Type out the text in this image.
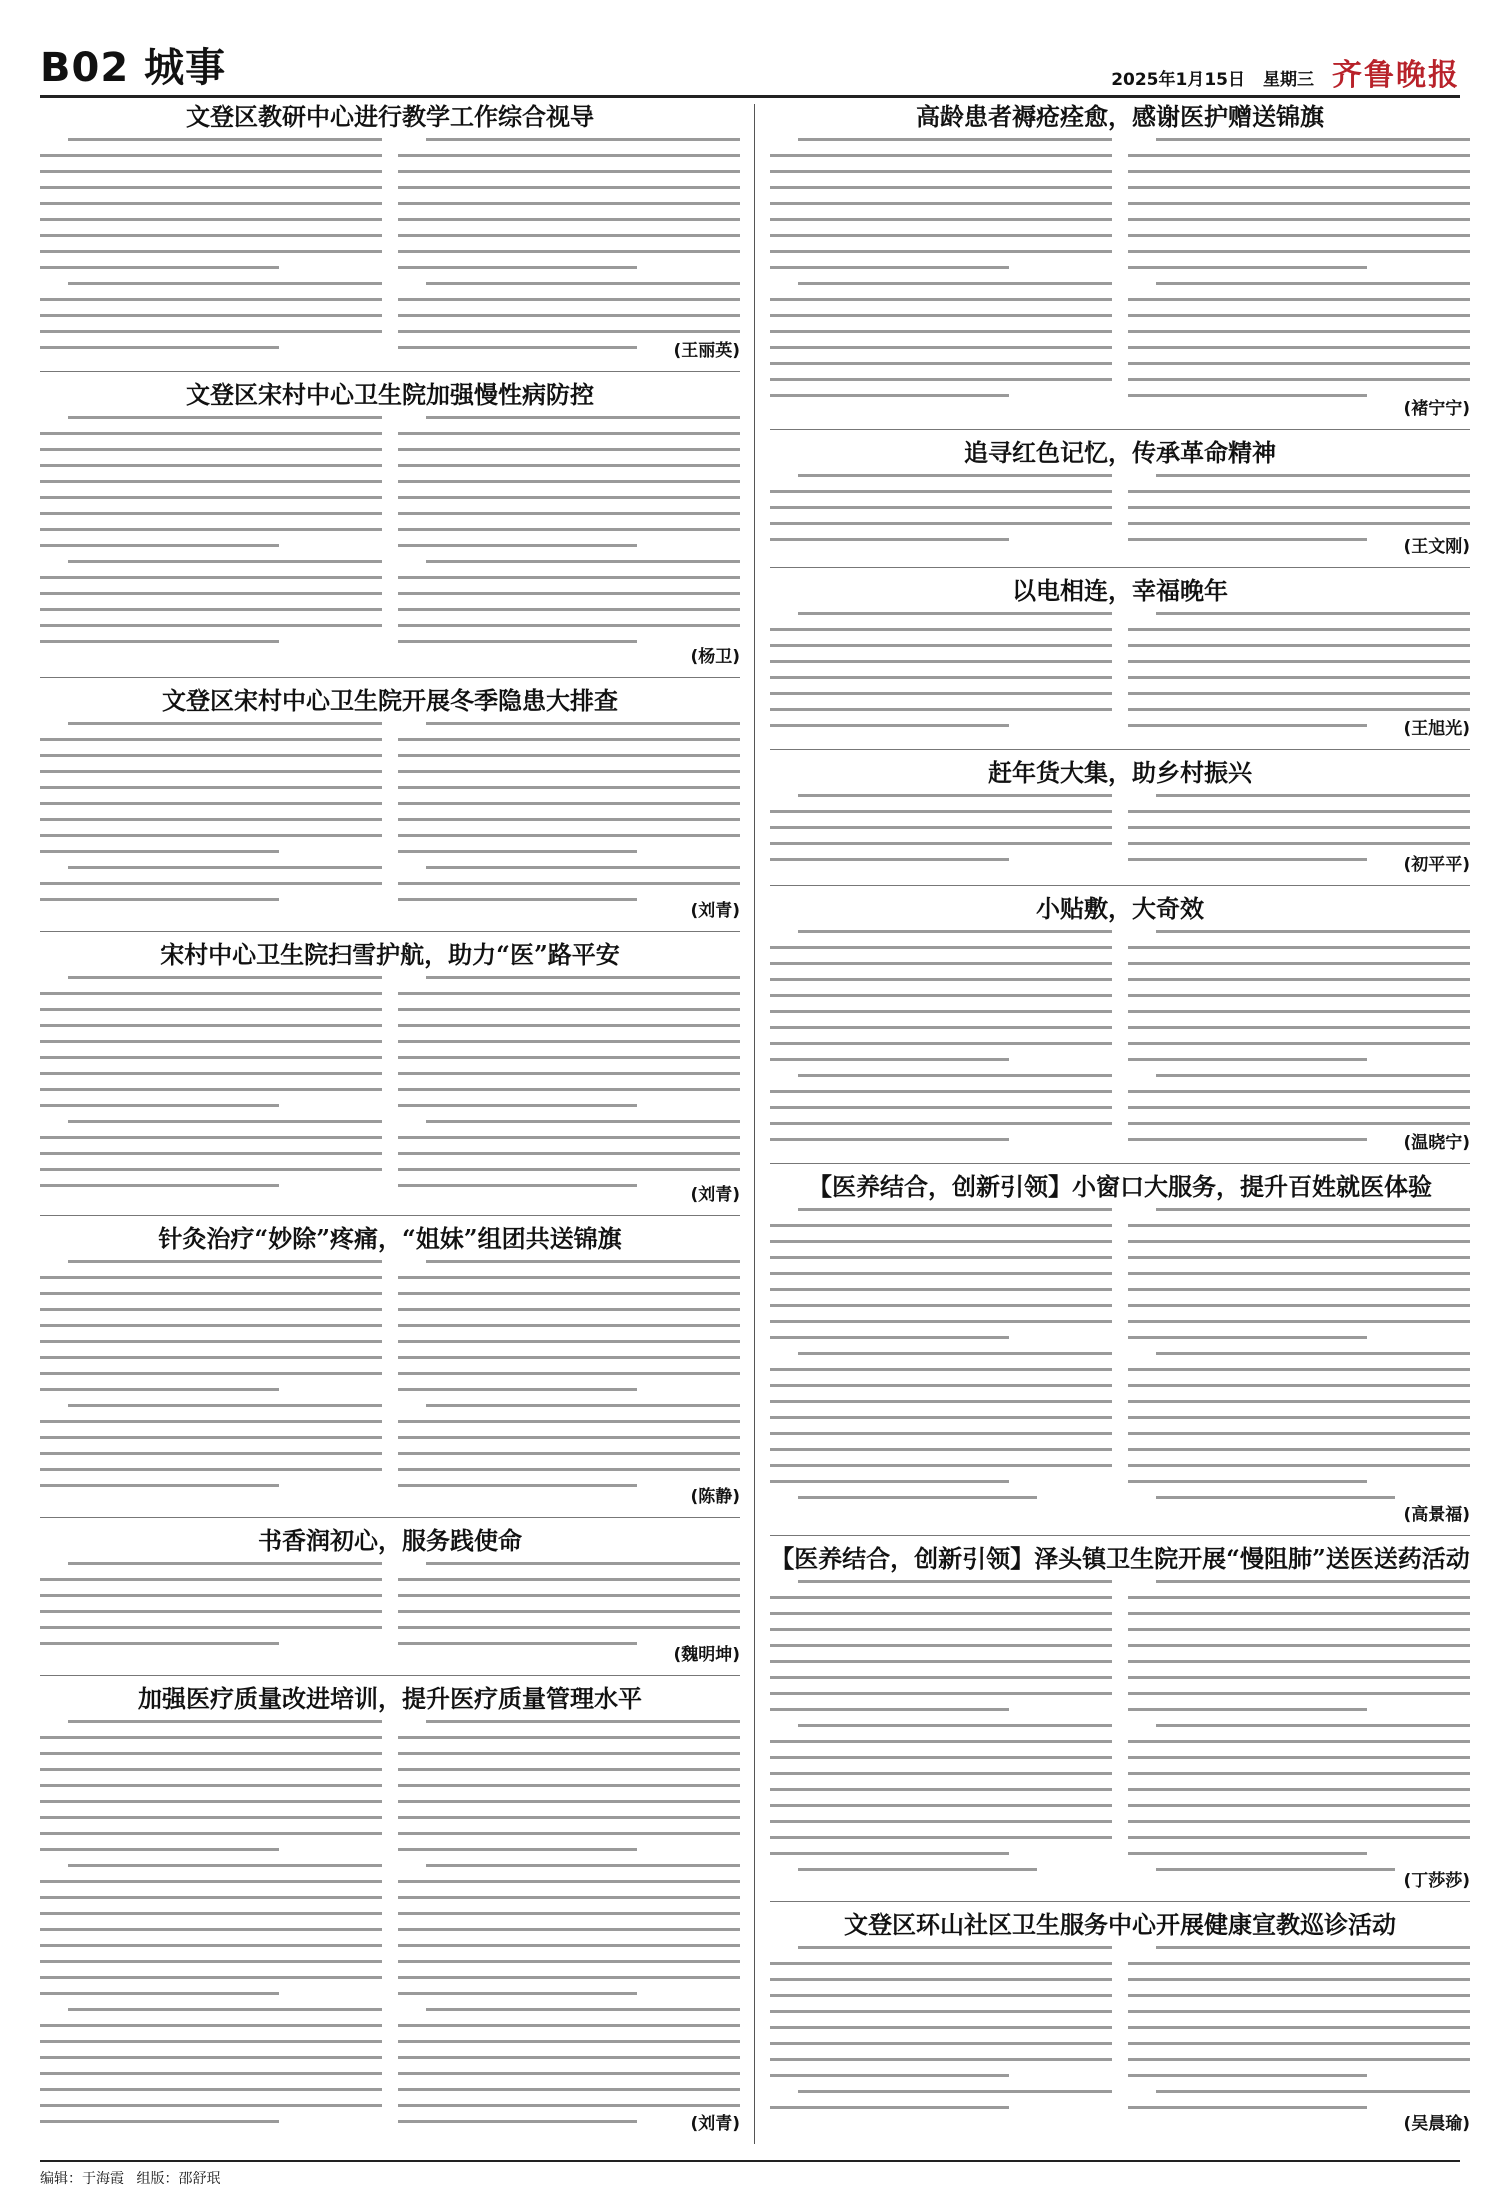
B02 城事	2025年1月15日 星期三 齐鲁晚报
文登区教研中心进行教学工作综合视导
(王丽英)
文登区宋村中心卫生院加强慢性病防控
(杨卫)
文登区宋村中心卫生院开展冬季隐患大排查
(刘青)
宋村中心卫生院扫雪护航，助力“医”路平安
(刘青)
针灸治疗“妙除”疼痛，“姐妹”组团共送锦旗
(陈静)
书香润初心，服务践使命
(魏明坤)
加强医疗质量改进培训，提升医疗质量管理水平
(刘青)
高龄患者褥疮痊愈，感谢医护赠送锦旗
(褚宁宁)
追寻红色记忆，传承革命精神
(王文刚)
以电相连，幸福晚年
(王旭光)
赶年货大集，助乡村振兴
(初平平)
小贴敷，大奇效
(温晓宁)
【医养结合，创新引领】小窗口大服务，提升百姓就医体验
(高景福)
【医养结合，创新引领】泽头镇卫生院开展“慢阻肺”送医送药活动
(丁莎莎)
文登区环山社区卫生服务中心开展健康宣教巡诊活动
(吴晨瑜)
编辑：于海霞 组版：邵舒珉
